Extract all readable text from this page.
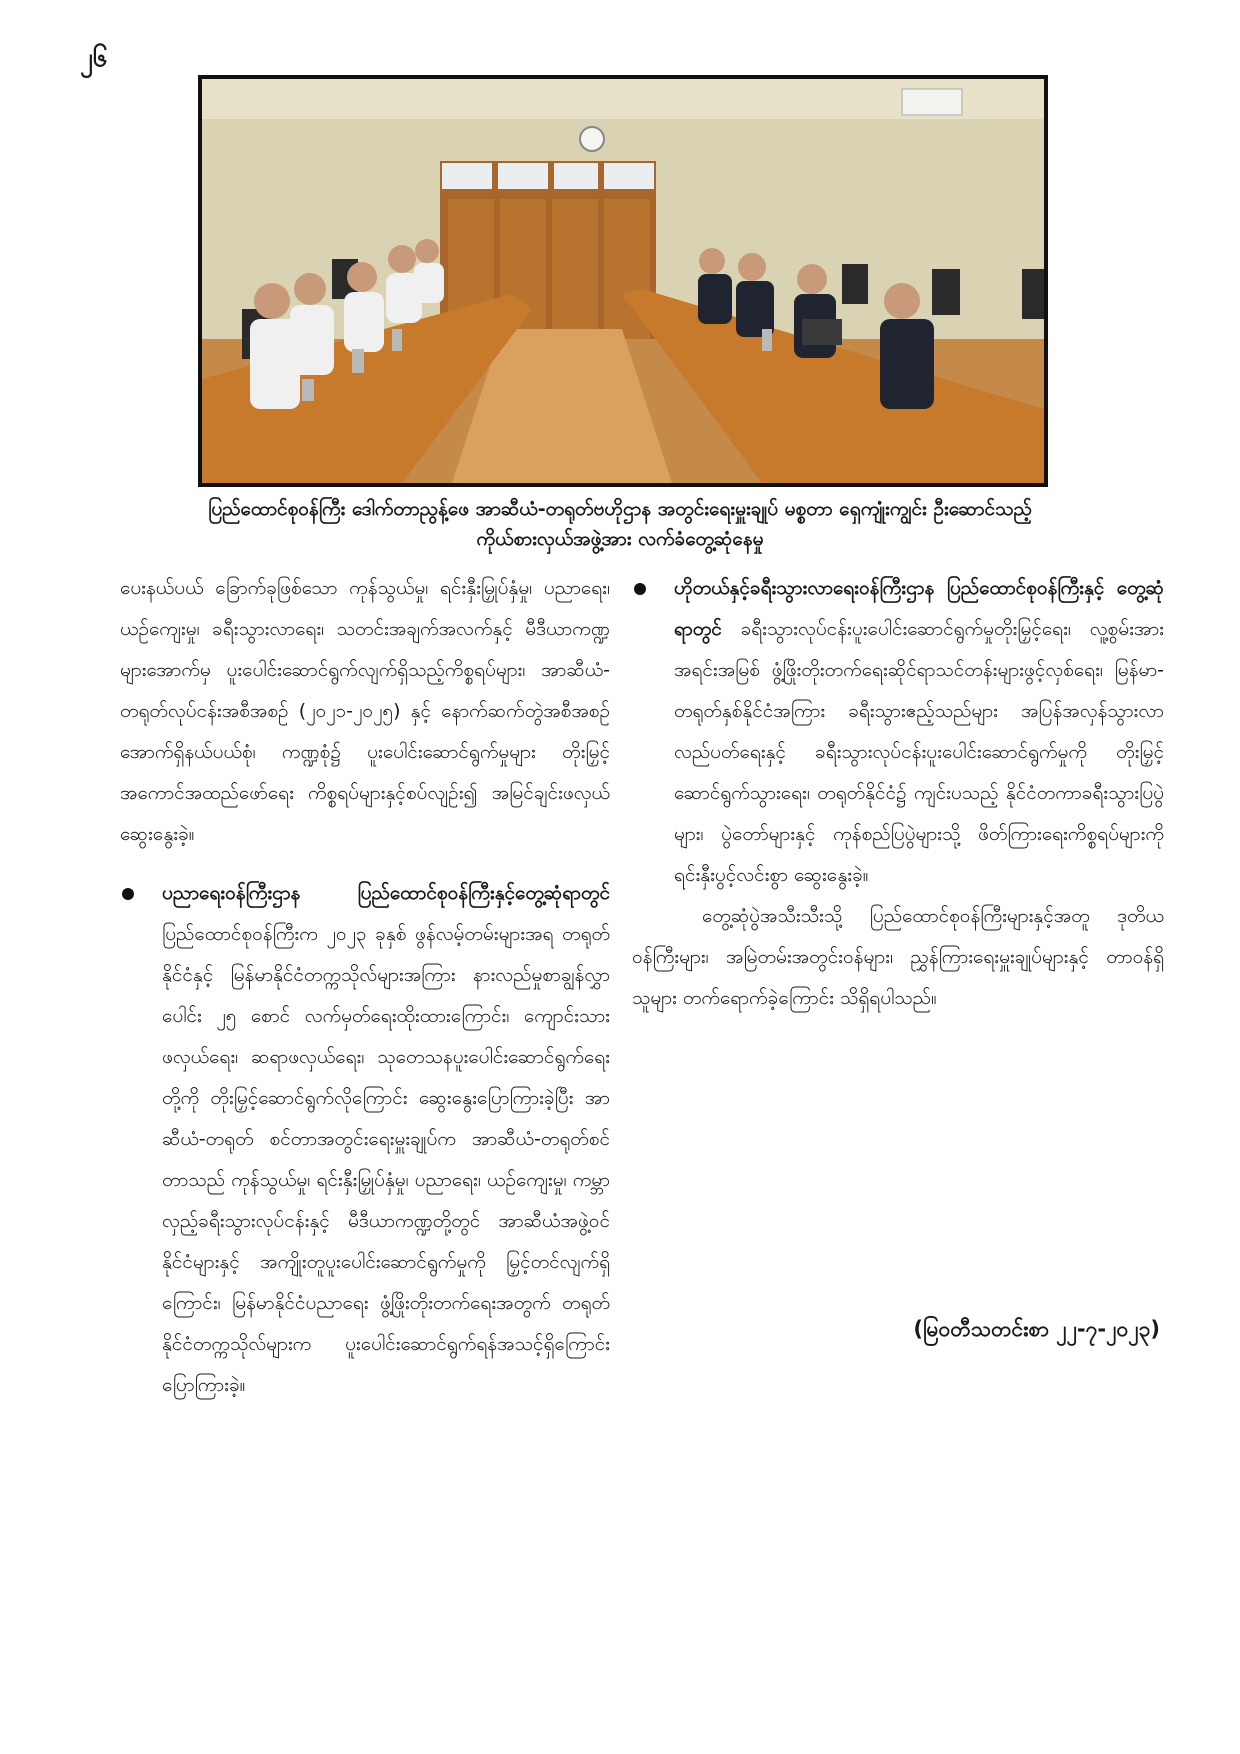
၂၆
ပြည်ထောင်စုဝန်ကြီး ဒေါက်တာညွန့်ဖေ အာဆီယံ-တရုတ်ဗဟိုဌာန အတွင်းရေးမှူးချုပ် မစ္စတာ ရှေကျုံးကျွင်း ဦးဆောင်သည့်
ကိုယ်စားလှယ်အဖွဲ့အား လက်ခံတွေ့ဆုံနေမှု

ပေးနယ်ပယ် ခြောက်ခုဖြစ်သော ကုန်သွယ်မှု၊ ရင်းနှီးမြှုပ်နှံမှု၊ ပညာရေး၊ ယဉ်ကျေးမှု၊ ခရီးသွားလာရေး၊ သတင်းအချက်အလက်နှင့် မီဒီယာကဏ္ဍများအောက်မှ ပူးပေါင်းဆောင်ရွက်လျက်ရှိသည့်ကိစ္စရပ်များ၊ အာဆီယံ-တရုတ်လုပ်ငန်းအစီအစဉ် (၂၀၂၁-၂၀၂၅) နှင့် နောက်ဆက်တွဲအစီအစဉ်အောက်ရှိနယ်ပယ်စုံ၊ ကဏ္ဍစုံ၌ ပူးပေါင်းဆောင်ရွက်မှုများ တိုးမြှင့်အကောင်အထည်ဖော်ရေး ကိစ္စရပ်များနှင့်စပ်လျဉ်း၍ အမြင်ချင်းဖလှယ်ဆွေးနွေးခဲ့။

ပညာရေးဝန်ကြီးဌာန ပြည်ထောင်စုဝန်ကြီးနှင့်တွေ့ဆုံရာတွင် ပြည်ထောင်စုဝန်ကြီးက ၂၀၂၃ ခုနှစ် ဖွန်လမ့်တမ်းများအရ တရုတ်နိုင်ငံနှင့် မြန်မာနိုင်ငံတက္ကသိုလ်များအကြား နားလည်မှုစာချွန်လွှာပေါင်း ၂၅ စောင် လက်မှတ်ရေးထိုးထားကြောင်း၊ ကျောင်းသားဖလှယ်ရေး၊ ဆရာဖလှယ်ရေး၊ သုတေသနပူးပေါင်းဆောင်ရွက်ရေးတို့ကို တိုးမြှင့်ဆောင်ရွက်လိုကြောင်း ဆွေးနွေးပြောကြားခဲ့ပြီး အာဆီယံ-တရုတ် စင်တာအတွင်းရေးမှူးချုပ်က အာဆီယံ-တရုတ်စင်တာသည် ကုန်သွယ်မှု၊ ရင်းနှီးမြှုပ်နှံမှု၊ ပညာရေး၊ ယဉ်ကျေးမှု၊ ကမ္ဘာလှည့်ခရီးသွားလုပ်ငန်းနှင့် မီဒီယာကဏ္ဍတို့တွင် အာဆီယံအဖွဲ့ဝင်နိုင်ငံများနှင့် အကျိုးတူပူးပေါင်းဆောင်ရွက်မှုကို မြှင့်တင်လျက်ရှိကြောင်း၊ မြန်မာနိုင်ငံပညာရေး ဖွံ့ဖြိုးတိုးတက်ရေးအတွက် တရုတ်နိုင်ငံတက္ကသိုလ်များက ပူးပေါင်းဆောင်ရွက်ရန်အသင့်ရှိကြောင်း ပြောကြားခဲ့။

ဟိုတယ်နှင့်ခရီးသွားလာရေးဝန်ကြီးဌာန ပြည်ထောင်စုဝန်ကြီးနှင့် တွေ့ဆုံရာတွင် ခရီးသွားလုပ်ငန်းပူးပေါင်းဆောင်ရွက်မှုတိုးမြှင့်ရေး၊ လူ့စွမ်းအားအရင်းအမြစ် ဖွံ့ဖြိုးတိုးတက်ရေးဆိုင်ရာသင်တန်းများဖွင့်လှစ်ရေး၊ မြန်မာ-တရုတ်နှစ်နိုင်ငံအကြား ခရီးသွားဧည့်သည်များ အပြန်အလှန်သွားလာလည်ပတ်ရေးနှင့် ခရီးသွားလုပ်ငန်းပူးပေါင်းဆောင်ရွက်မှုကို တိုးမြှင့်ဆောင်ရွက်သွားရေး၊ တရုတ်နိုင်ငံ၌ ကျင်းပသည့် နိုင်ငံတကာခရီးသွားပြပွဲများ၊ ပွဲတော်များနှင့် ကုန်စည်ပြပွဲများသို့ ဖိတ်ကြားရေးကိစ္စရပ်များကို ရင်းနှီးပွင့်လင်းစွာ ဆွေးနွေးခဲ့။

တွေ့ဆုံပွဲအသီးသီးသို့ ပြည်ထောင်စုဝန်ကြီးများနှင့်အတူ ဒုတိယဝန်ကြီးများ၊ အမြဲတမ်းအတွင်းဝန်များ၊ ညွှန်ကြားရေးမှူးချုပ်များနှင့် တာဝန်ရှိသူများ တက်ရောက်ခဲ့ကြောင်း သိရှိရပါသည်။

(မြဝတီသတင်းစာ ၂၂-၇-၂၀၂၃)
